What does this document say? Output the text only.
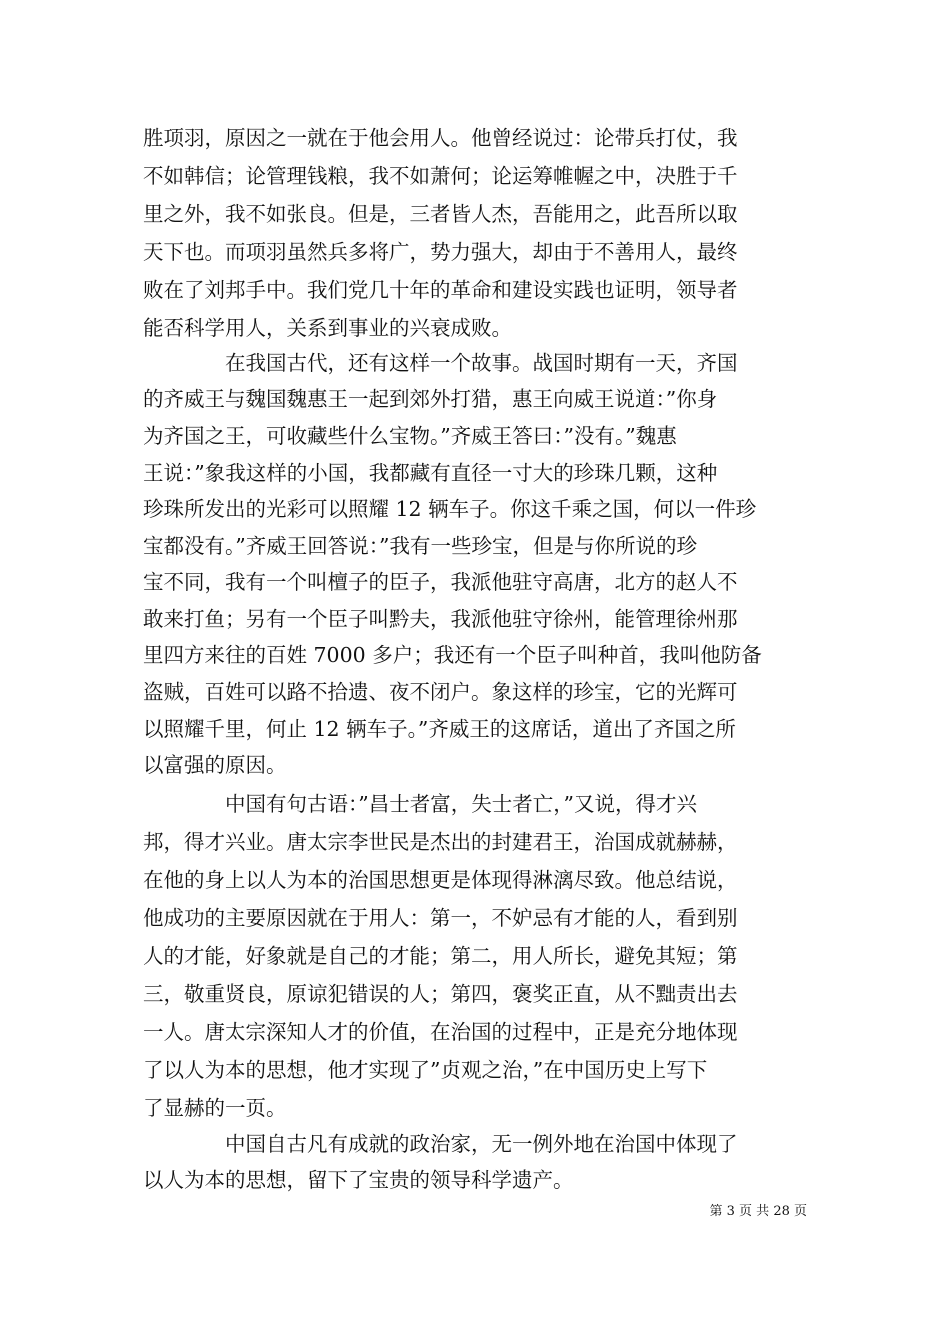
胜项羽，原因之一就在于他会用人。他曾经说过：论带兵打仗，我
不如韩信；论管理钱粮，我不如萧何；论运筹帷幄之中，决胜于千
里之外，我不如张良。但是，三者皆人杰，吾能用之，此吾所以取
天下也。而项羽虽然兵多将广，势力强大，却由于不善用人，最终
败在了刘邦手中。我们党几十年的革命和建设实践也证明，领导者
能否科学用人，关系到事业的兴衰成败。
　　　　在我国古代，还有这样一个故事。战国时期有一天，齐国
的齐威王与魏国魏惠王一起到郊外打猎，惠王向威王说道：”你身
为齐国之王，可收藏些什么宝物。”齐威王答曰：”没有。”魏惠
王说：”象我这样的小国，我都藏有直径一寸大的珍珠几颗，这种
珍珠所发出的光彩可以照耀 12 辆车子。你这千乘之国，何以一件珍
宝都没有。”齐威王回答说：”我有一些珍宝，但是与你所说的珍
宝不同，我有一个叫檀子的臣子，我派他驻守高唐，北方的赵人不
敢来打鱼；另有一个臣子叫黔夫，我派他驻守徐州，能管理徐州那
里四方来往的百姓 7000 多户；我还有一个臣子叫种首，我叫他防备
盗贼，百姓可以路不拾遗、夜不闭户。象这样的珍宝，它的光辉可
以照耀千里，何止 12 辆车子。”齐威王的这席话，道出了齐国之所
以富强的原因。
　　　　中国有句古语：”昌士者富，失士者亡，”又说，得才兴
邦，得才兴业。唐太宗李世民是杰出的封建君王，治国成就赫赫，
在他的身上以人为本的治国思想更是体现得淋漓尽致。他总结说，
他成功的主要原因就在于用人：第一，不妒忌有才能的人，看到别
人的才能，好象就是自己的才能；第二，用人所长，避免其短；第
三，敬重贤良，原谅犯错误的人；第四，褒奖正直，从不黜责出去
一人。唐太宗深知人才的价值，在治国的过程中，正是充分地体现
了以人为本的思想，他才实现了”贞观之治，”在中国历史上写下
了显赫的一页。
　　　　中国自古凡有成就的政治家，无一例外地在治国中体现了
以人为本的思想，留下了宝贵的领导科学遗产。
第 3 页 共 28 页
